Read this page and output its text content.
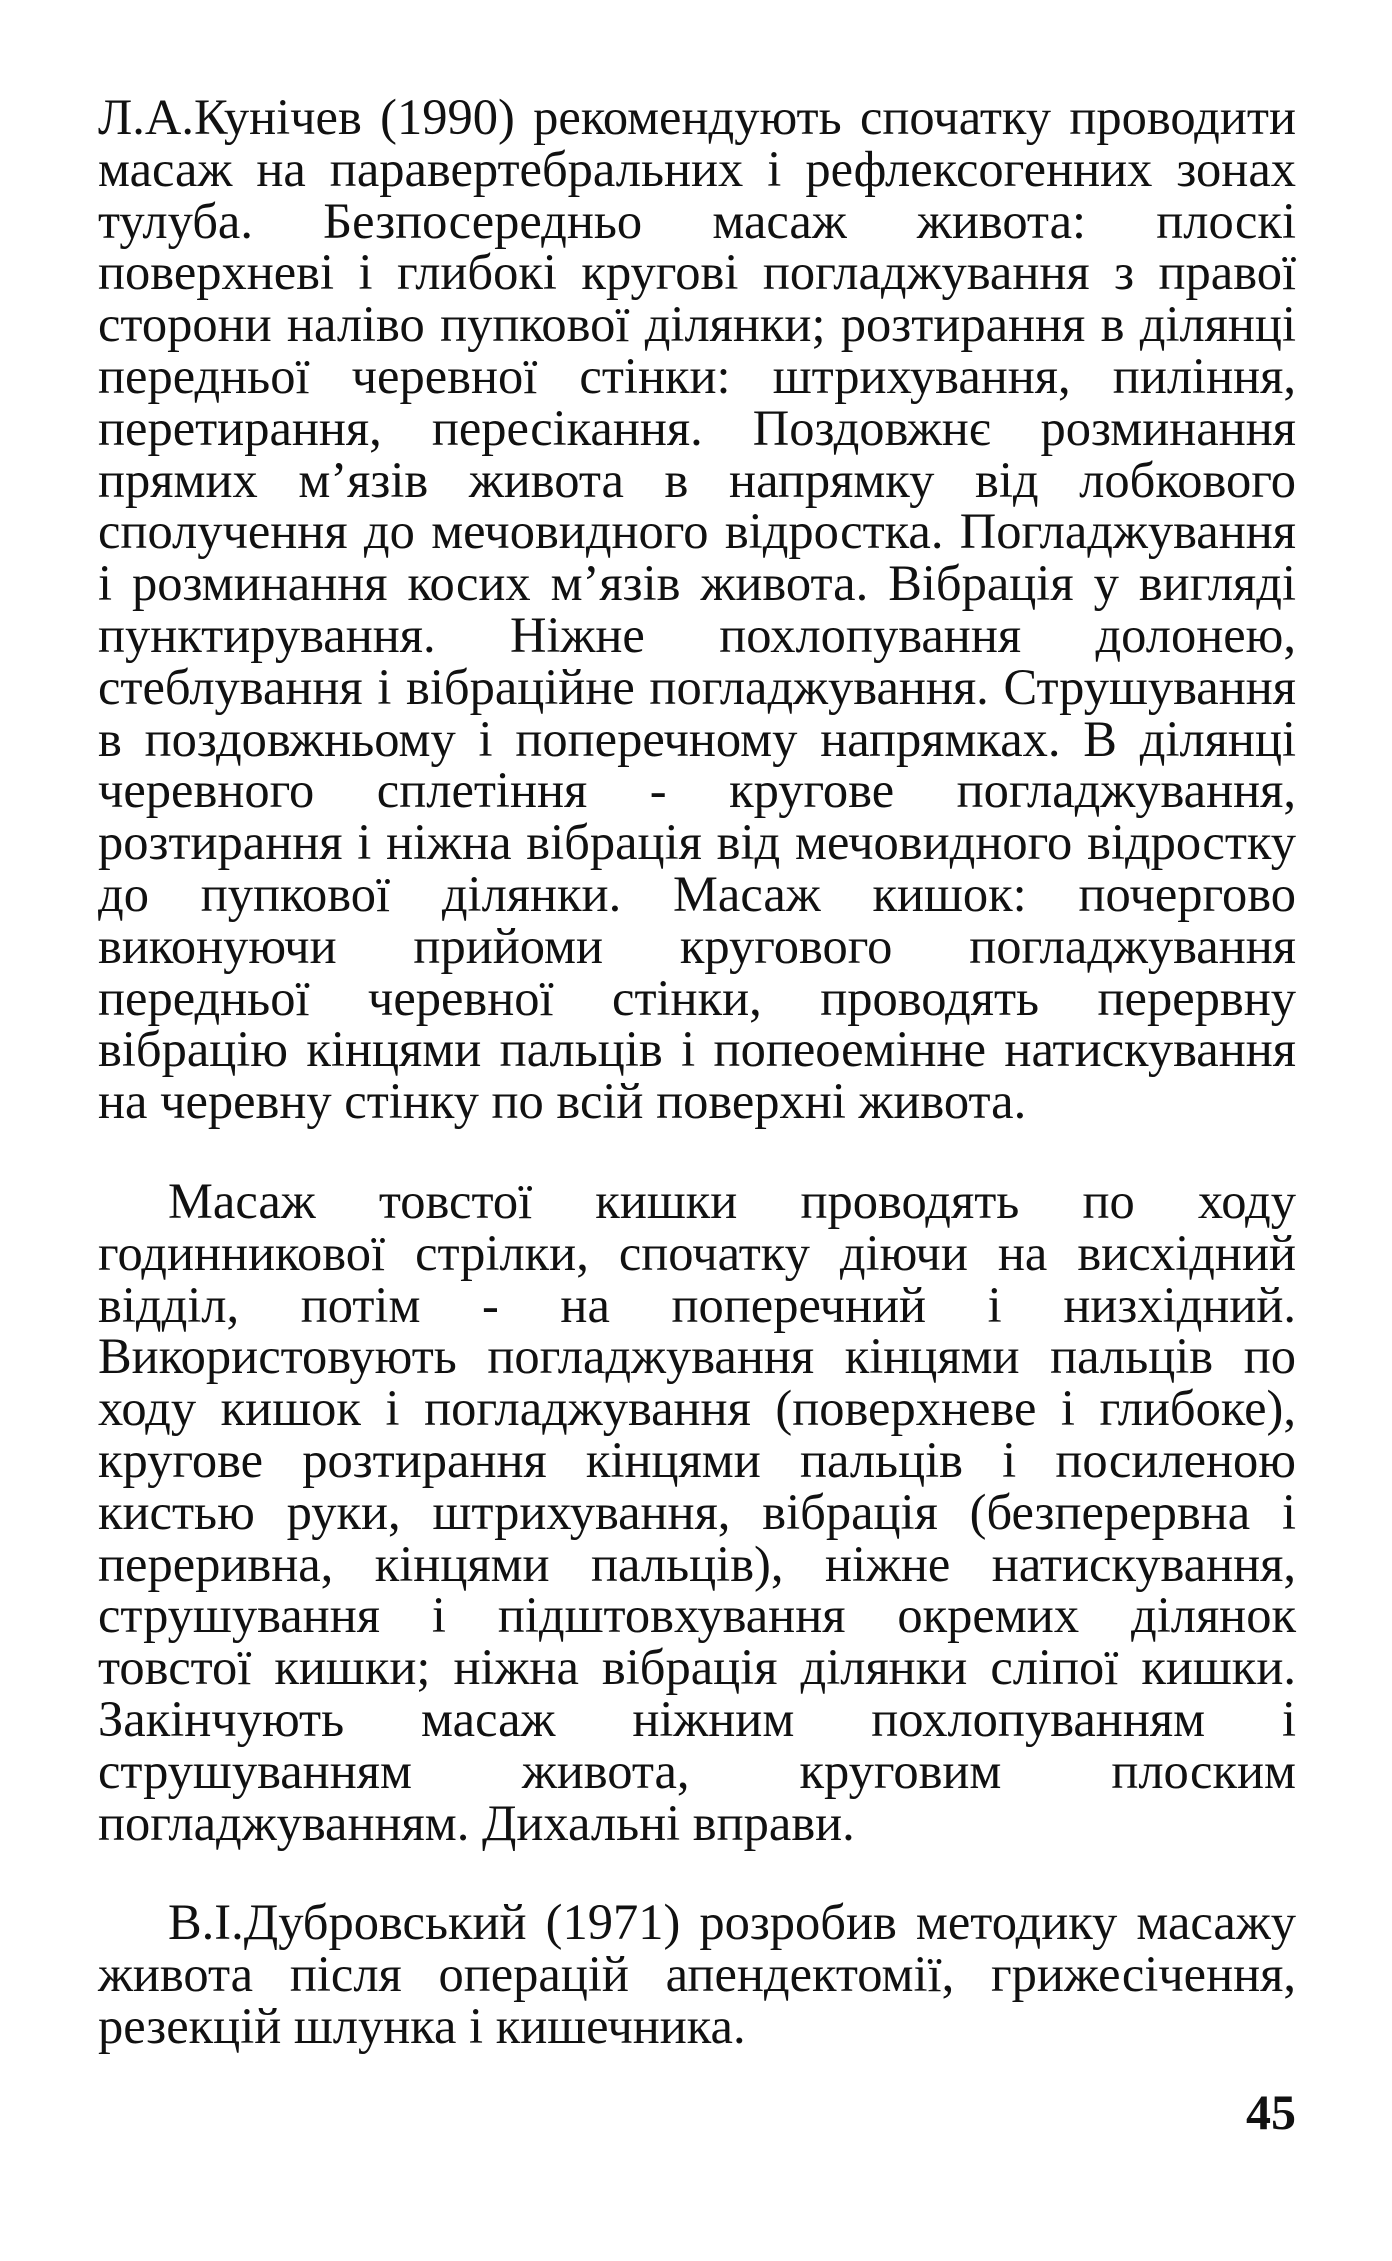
Л.А.Кунічев (1990) рекомендують спочатку проводити масаж на паравертебральних і рефлексогенних зонах тулуба. Безпосередньо масаж живота: плоскі поверхневі і глибокі кругові погладжування з правої сторони наліво пупкової ділянки; розтирання в ділянці передньої черевної стінки: штрихування, пиління, перетирання, пересікання. Поздовжнє розминання прямих м’язів живота в напрямку від лобкового сполучення до мечовидного відростка. Погладжування і розминання косих м’язів живота. Вібрація у вигляді пунктирування. Ніжне похлопування долонею, стеблування і вібраційне погладжування. Струшування в поздовжньому і поперечному напрямках. В ділянці черевного сплетіння - кругове погладжування, розтирання і ніжна вібрація від мечовидного відростку до пупкової ділянки. Масаж кишок: почергово виконуючи прийоми кругового погладжування передньої черевної стінки, проводять перервну вібрацію кінцями пальців і попеоемінне натискування на черевну стінку по всій поверхні живота.

Масаж товстої кишки проводять по ходу годинникової стрілки, спочатку діючи на висхідний відділ, потім - на поперечний і низхідний. Використовують погладжування кінцями пальців по ходу кишок і погладжування (поверхневе і глибоке), кругове розтирання кінцями пальців і посиленою кистью руки, штрихування, вібрація (безперервна і переривна, кінцями пальців), ніжне натискування, струшування і підштовхування окремих ділянок товстої кишки; ніжна вібрація ділянки сліпої кишки. Закінчують масаж ніжним похлопуванням і струшуванням живота, круговим плоским погладжуванням. Дихальні вправи.

В.І.Дубровський (1971) розробив методику масажу живота після операцій апендектомії, грижесічення, резекцій шлунка і кишечника.

45
